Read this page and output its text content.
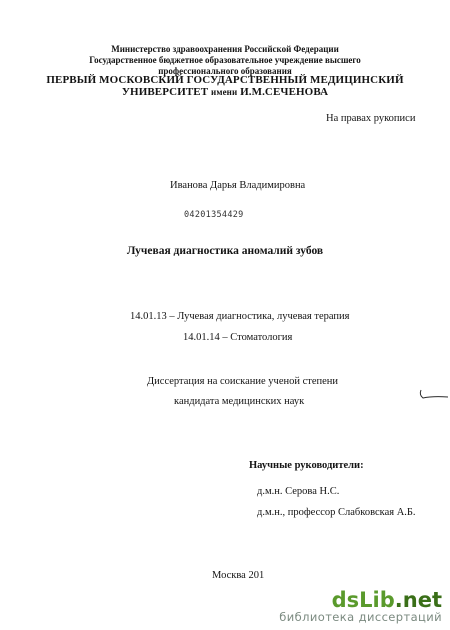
Министерство здравоохранения Российской Федерации
Государственное бюджетное образовательное учреждение высшего
профессионального образования
ПЕРВЫЙ МОСКОВСКИЙ ГОСУДАРСТВЕННЫЙ МЕДИЦИНСКИЙ
УНИВЕРСИТЕТ имени И.М.СЕЧЕНОВА
На правах рукописи
Иванова Дарья Владимировна
04201354429
Лучевая диагностика аномалий зубов
14.01.13 – Лучевая диагностика, лучевая терапия
14.01.14 – Стоматология
Диссертация на соискание ученой степени
кандидата медицинских наук
Научные руководители:
д.м.н. Серова Н.С.
д.м.н., профессор Слабковская А.Б.
Москва 201
dsLib.net
библиотека диссертаций
